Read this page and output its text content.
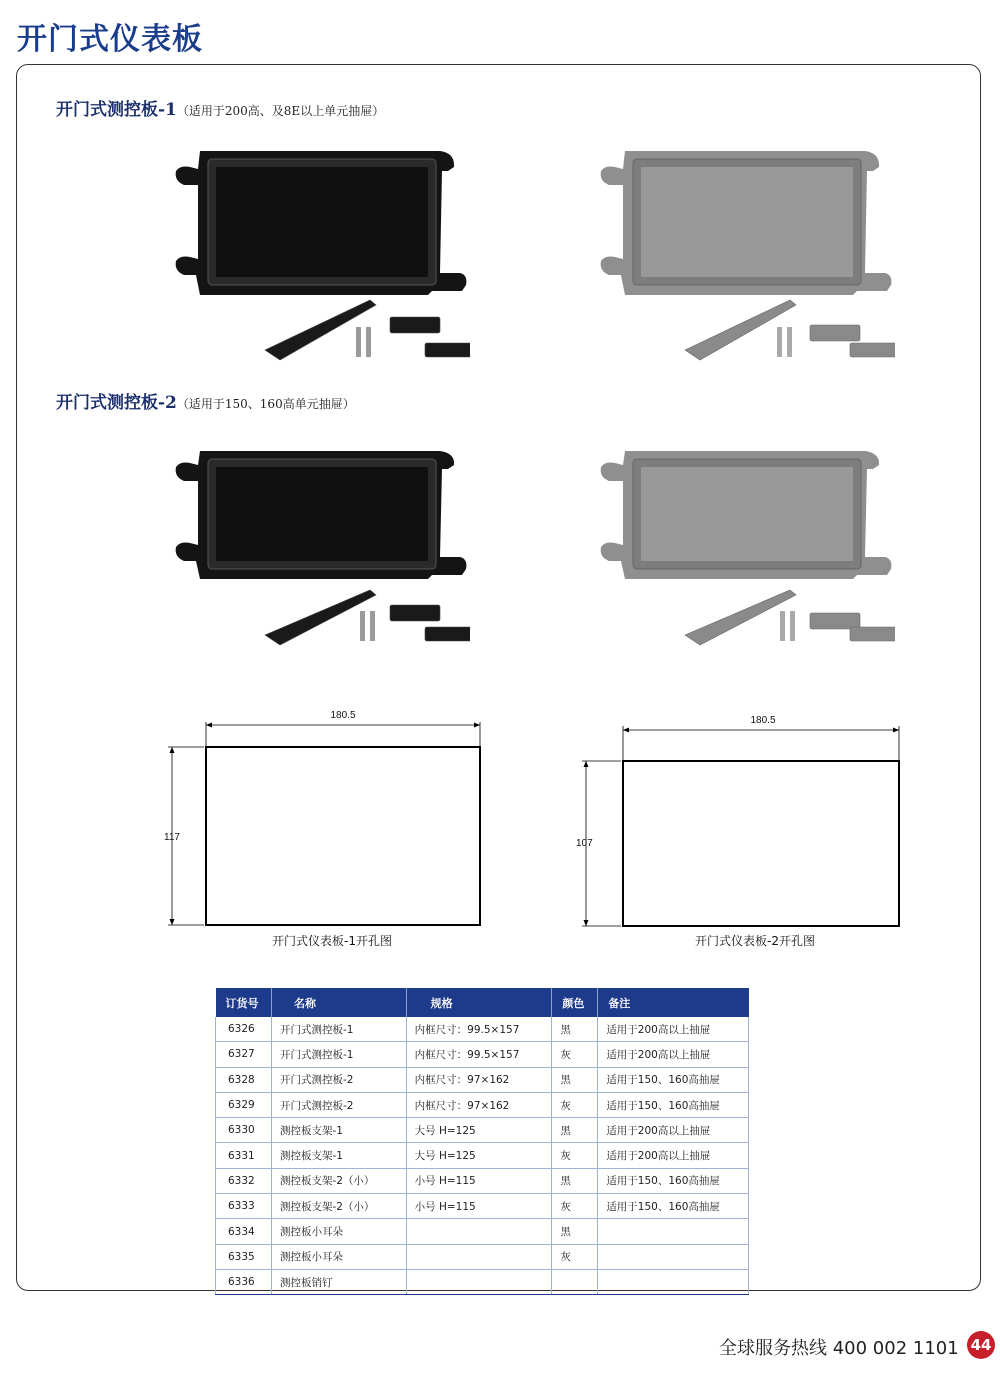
开门式仪表板
开门式测控板-1（适用于200高、及8E以上单元抽屉）
开门式测控板-2（适用于150、160高单元抽屉）
180.5
117
开门式仪表板-1开孔图
180.5
107
开门式仪表板-2开孔图
订货号	名称	规格	颜色	备注
6326	开门式测控板-1	内框尺寸：99.5×157	黑	适用于200高以上抽屉
6327	开门式测控板-1	内框尺寸：99.5×157	灰	适用于200高以上抽屉
6328	开门式测控板-2	内框尺寸：97×162	黑	适用于150、160高抽屉
6329	开门式测控板-2	内框尺寸：97×162	灰	适用于150、160高抽屉
6330	测控板支架-1	大号 H=125	黑	适用于200高以上抽屉
6331	测控板支架-1	大号 H=125	灰	适用于200高以上抽屉
6332	测控板支架-2（小）	小号 H=115	黑	适用于150、160高抽屉
6333	测控板支架-2（小）	小号 H=115	灰	适用于150、160高抽屉
6334	测控板小耳朵		黑	
6335	测控板小耳朵		灰	
6336	测控板销钉			
全球服务热线 400 002 1101 44
